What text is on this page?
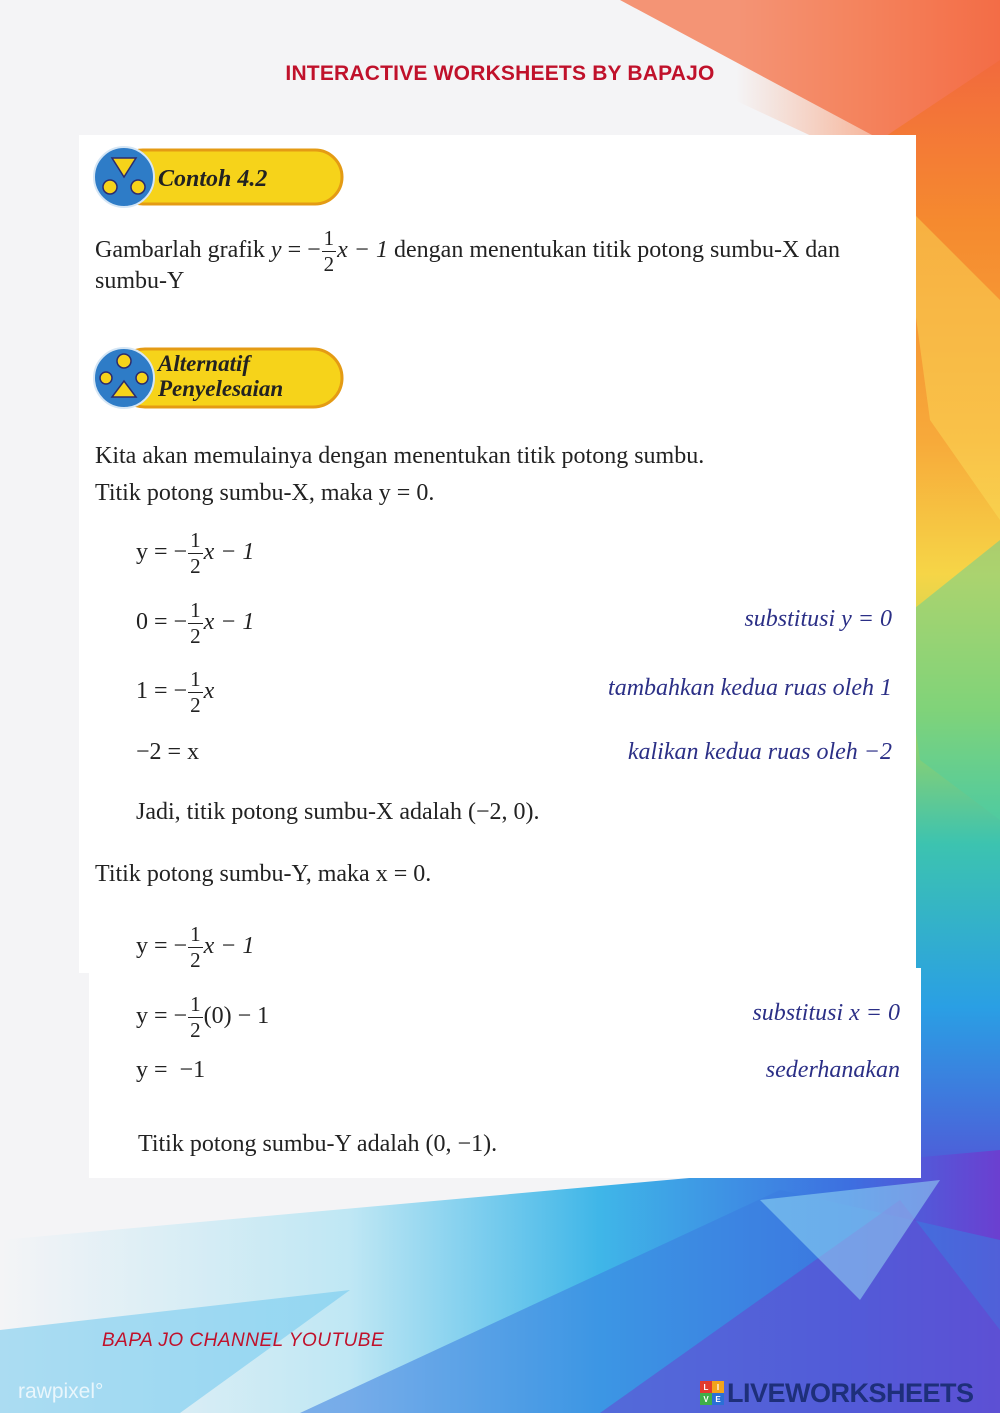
INTERACTIVE WORKSHEETS BY BAPAJO
Contoh 4.2
Gambarlah grafik y = − $\frac{1}{2}$ x − 1 dengan menentukan titik potong sumbu-X dan
sumbu-Y
Alternatif
Penyelesaian
Kita akan memulainya dengan menentukan titik potong sumbu.
Titik potong sumbu-X, maka y = 0.
y = − $\frac{1}{2}$ x − 1
0 = − $\frac{1}{2}$ x − 1	substitusi y = 0
1 = − $\frac{1}{2}$ x	tambahkan kedua ruas oleh 1
−2 = x	kalikan kedua ruas oleh −2
Jadi, titik potong sumbu-X adalah (−2, 0).
Titik potong sumbu-Y, maka x = 0.
y = − $\frac{1}{2}$ x − 1
y = − $\frac{1}{2} (0) - 1$	substitusi x = 0
y =  −1	sederhanakan
Titik potong sumbu-Y adalah (0, −1).
BAPA JO CHANNEL YOUTUBE
rawpixel°	L	I
V E LIVEWORKSHEETS
